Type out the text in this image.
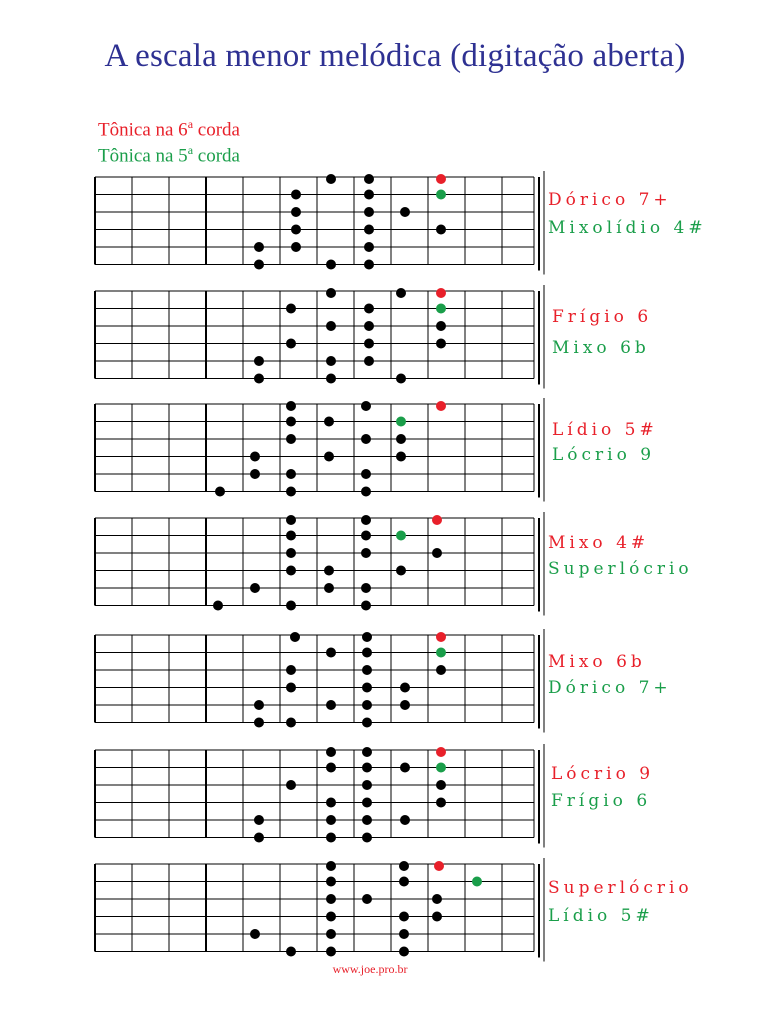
A escala menor melódica (digitação aberta)
Tônica na 6$^a$ corda
Tônica na 5$^a$ corda
Dórico 7+
Mixolídio 4#
Frígio 6
Mixo 6b
Lídio 5#
Lócrio 9
Mixo 4#
Superlócrio
Mixo 6b
Dórico 7+
Lócrio 9
Frígio 6
Superlócrio
Lídio 5#
www.joe.pro.br
